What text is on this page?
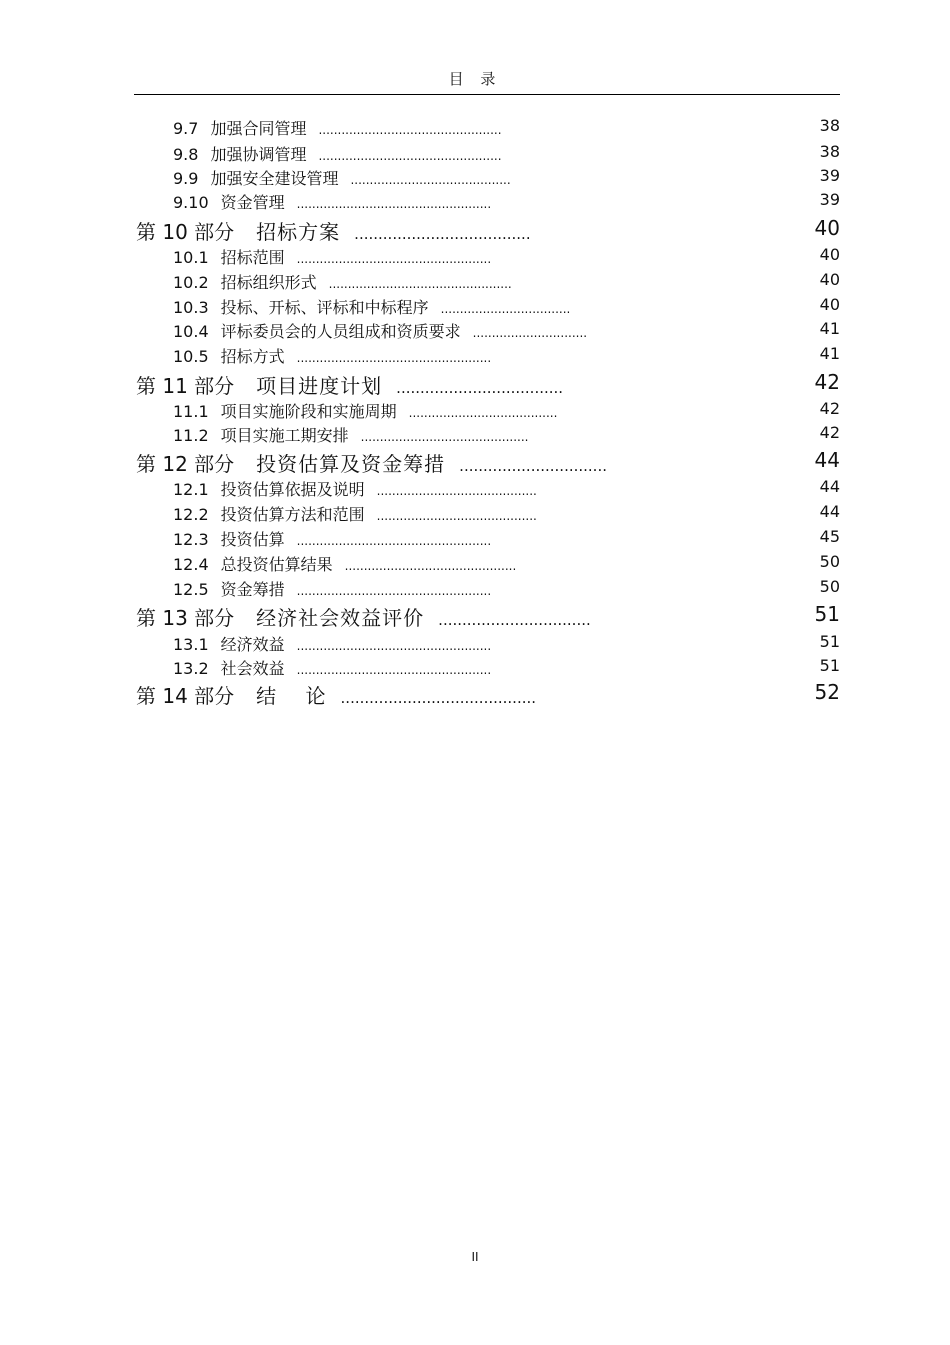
目 录
9.7 加强合同管理 ................................................	38
9.8 加强协调管理 ................................................	38
9.9 加强安全建设管理 ..........................................	39
9.10 资金管理 ...................................................	39
第 10 部分 招标方案 .....................................	40
10.1 招标范围 ...................................................	40
10.2 招标组织形式 ................................................	40
10.3 投标、开标、评标和中标程序 ..................................	40
10.4 评标委员会的人员组成和资质要求 ..............................	41
10.5 招标方式 ...................................................	41
第 11 部分 项目进度计划 ...................................	42
11.1 项目实施阶段和实施周期 .......................................	42
11.2 项目实施工期安排 ............................................	42
第 12 部分 投资估算及资金筹措 ...............................	44
12.1 投资估算依据及说明 ..........................................	44
12.2 投资估算方法和范围 ..........................................	44
12.3 投资估算 ...................................................	45
12.4 总投资估算结果 .............................................	50
12.5 资金筹措 ...................................................	50
第 13 部分 经济社会效益评价 ................................	51
13.1 经济效益 ...................................................	51
13.2 社会效益 ...................................................	51
第 14 部分 结　 论 .........................................	52
II
